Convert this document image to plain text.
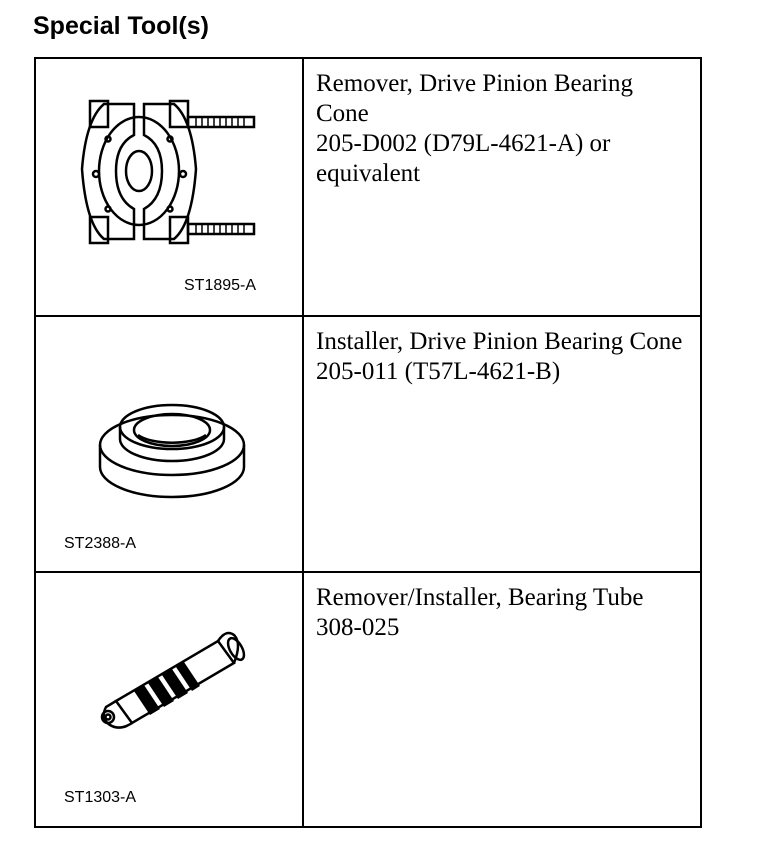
Special Tool(s)
ST1895-A
Remover, Drive Pinion Bearing Cone
205-D002 (D79L-4621-A) or equivalent
ST2388-A
Installer, Drive Pinion Bearing Cone
205-011 (T57L-4621-B)
ST1303-A
Remover/Installer, Bearing Tube
308-025
